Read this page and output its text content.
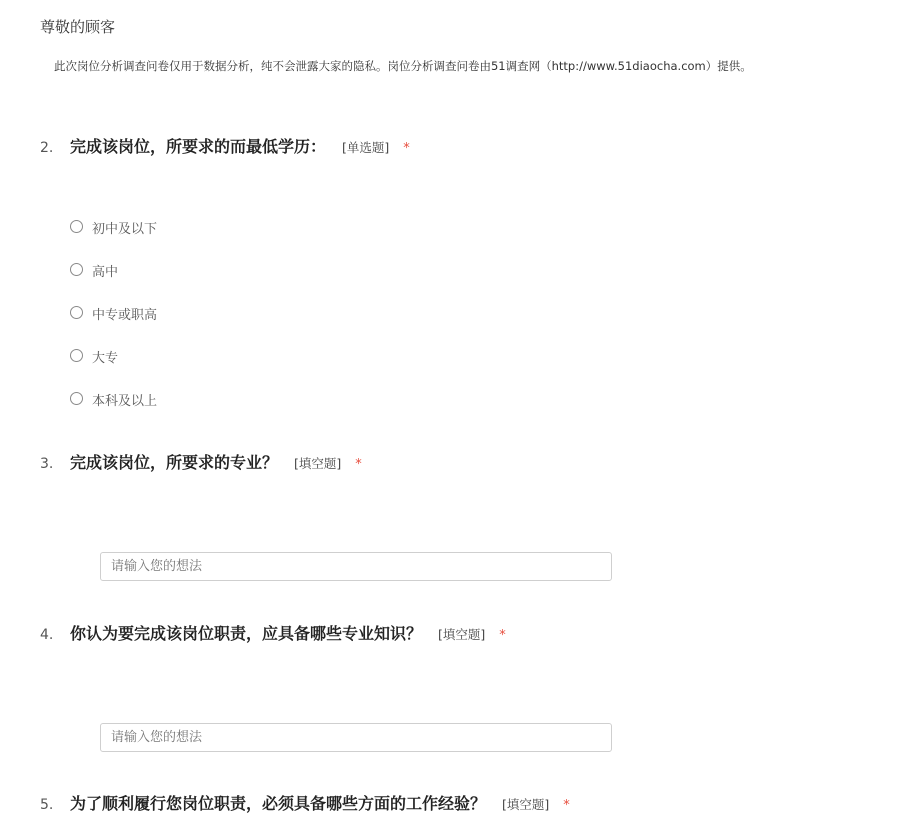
尊敬的顾客
此次岗位分析调查问卷仅用于数据分析，纯不会泄露大家的隐私。岗位分析调查问卷由51调查网（http://www.51diaocha.com）提供。
2.	完成该岗位，所要求的而最低学历： [单选题] *
初中及以下
高中
中专或职高
大专
本科及以上
3.	完成该岗位，所要求的专业？ [填空题] *
请输入您的想法
4.	你认为要完成该岗位职责，应具备哪些专业知识？ [填空题] *
请输入您的想法
5.	为了顺利履行您岗位职责，必须具备哪些方面的工作经验？ [填空题] *
